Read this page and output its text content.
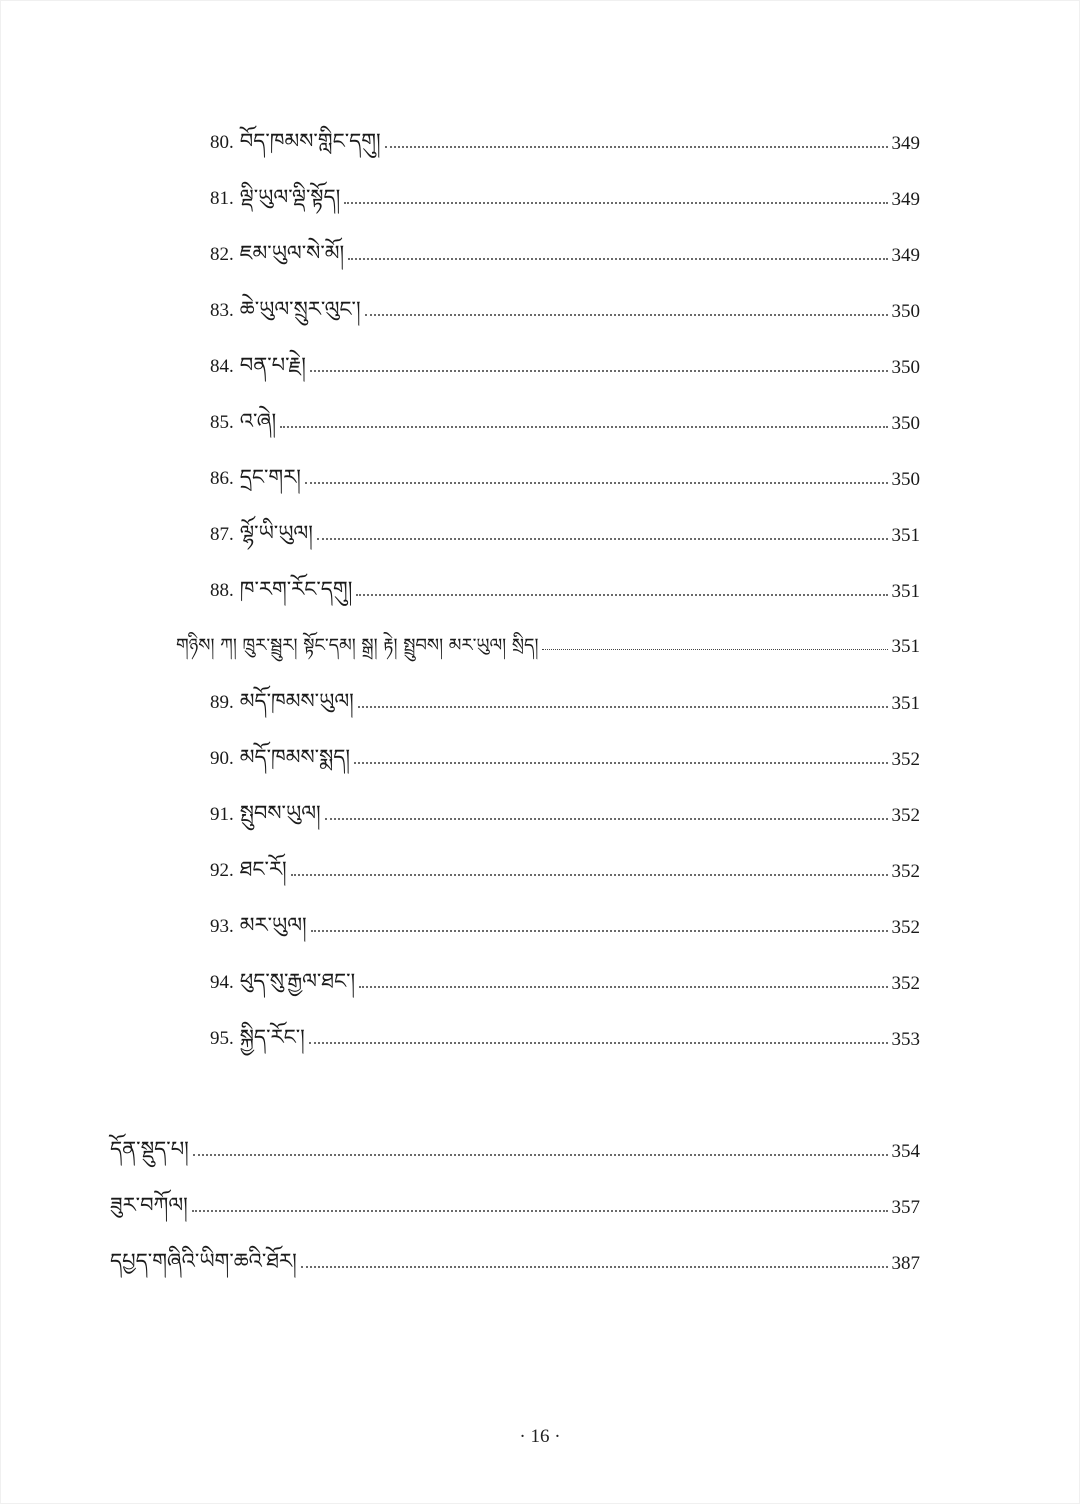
80. བོད་ཁམས་གླིང་དགུ།	349
81. ལྡི་ཡུལ་ལྡི་སྟོད།	349
82. ཇམ་ཡུལ་སེ་མོ།	349
83. ཆེ་ཡུལ་སྲུར་ལུང་།	350
84. བན་པ་རྗེ།	350
85. འ་ཞེ།	350
86. དྲང་གར།	350
87. ལྷོ་ཡི་ཡུལ།	351
88. ཁ་རག་རོང་དགུ།	351
གཉིས། ཀ། ཁྲུར་སྦྲུར། སྟོང་དམ། སྒྲ། རྟེ། སྤྲུབས། མར་ཡུལ། སྲིད།	351
89. མདོ་ཁམས་ཡུལ།	351
90. མདོ་ཁམས་སྨད།	352
91. སྤུབས་ཡུལ།	352
92. ཐང་རོ།	352
93. མར་ཡུལ།	352
94. ཕུད་སུ་རྒྱལ་ཐང་།	352
95. སྐྱིད་རོང་།	353
དོན་སྡུད་པ།	354
ཟུར་བཀོལ།	357
དཔྱད་གཞིའི་ཡིག་ཆའི་ཐོར།	387
· 16 ·
